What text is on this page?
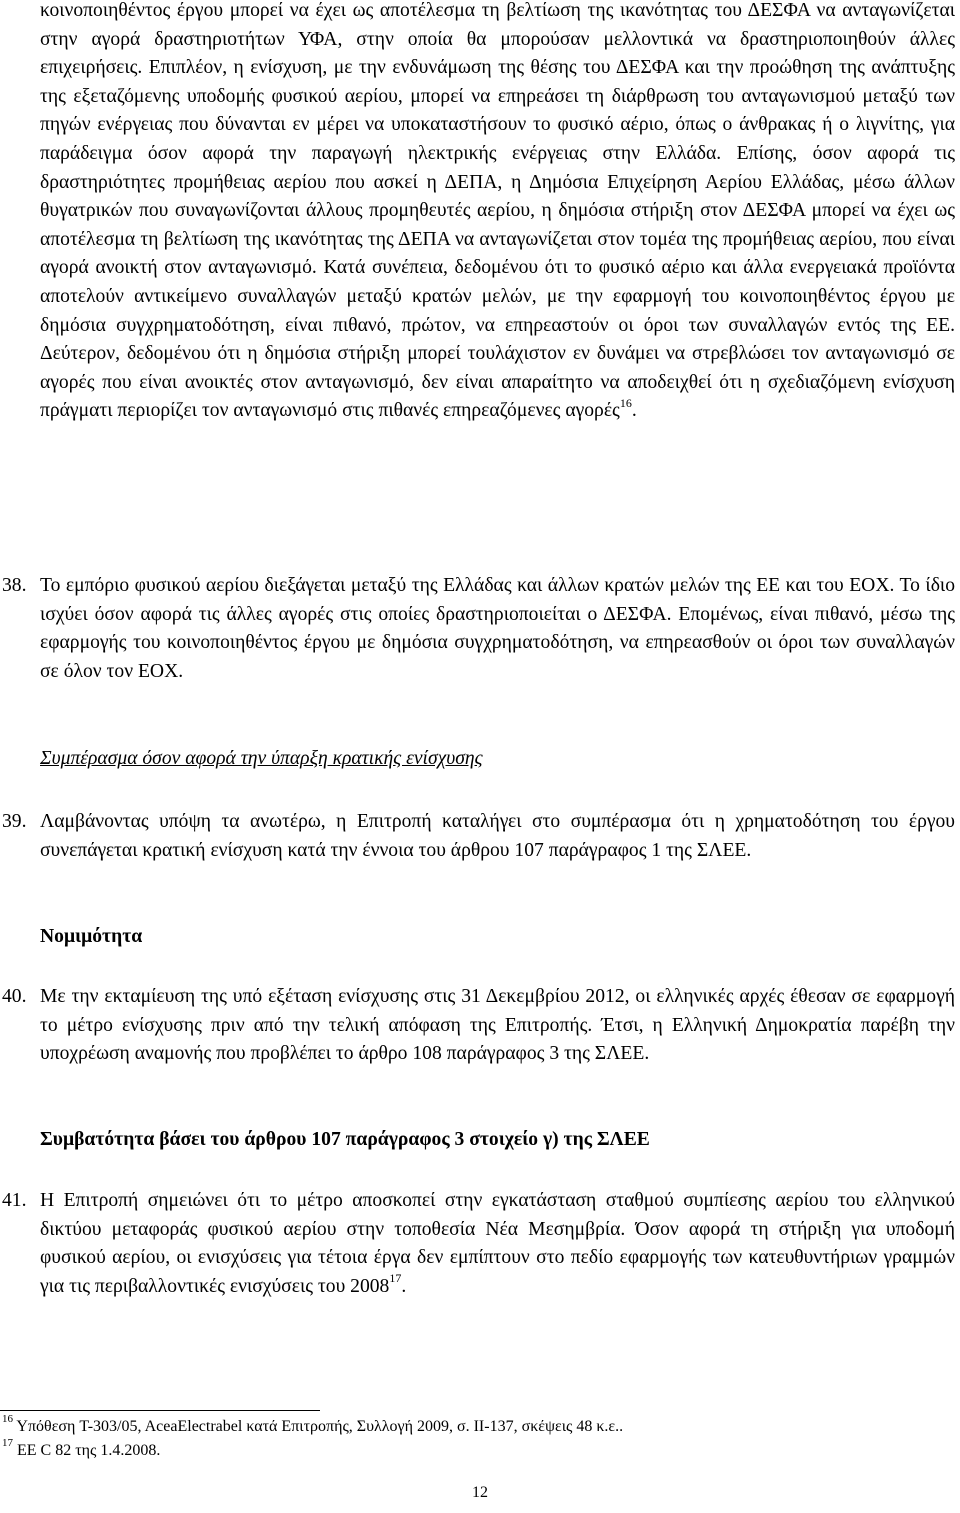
κοινοποιηθέντος έργου μπορεί να έχει ως αποτέλεσμα τη βελτίωση της ικανότητας του ΔΕΣΦΑ να ανταγωνίζεται στην αγορά δραστηριοτήτων ΥΦΑ, στην οποία θα μπορούσαν μελλοντικά να δραστηριοποιηθούν άλλες επιχειρήσεις. Επιπλέον, η ενίσχυση, με την ενδυνάμωση της θέσης του ΔΕΣΦΑ και την προώθηση της ανάπτυξης της εξεταζόμενης υποδομής φυσικού αερίου, μπορεί να επηρεάσει τη διάρθρωση του ανταγωνισμού μεταξύ των πηγών ενέργειας που δύνανται εν μέρει να υποκαταστήσουν το φυσικό αέριο, όπως ο άνθρακας ή ο λιγνίτης, για παράδειγμα όσον αφορά την παραγωγή ηλεκτρικής ενέργειας στην Ελλάδα. Επίσης, όσον αφορά τις δραστηριότητες προμήθειας αερίου που ασκεί η ΔΕΠΑ, η Δημόσια Επιχείρηση Αερίου Ελλάδας, μέσω άλλων θυγατρικών που συναγωνίζονται άλλους προμηθευτές αερίου, η δημόσια στήριξη στον ΔΕΣΦΑ μπορεί να έχει ως αποτέλεσμα τη βελτίωση της ικανότητας της ΔΕΠΑ να ανταγωνίζεται στον τομέα της προμήθειας αερίου, που είναι αγορά ανοικτή στον ανταγωνισμό. Κατά συνέπεια, δεδομένου ότι το φυσικό αέριο και άλλα ενεργειακά προϊόντα αποτελούν αντικείμενο συναλλαγών μεταξύ κρατών μελών, με την εφαρμογή του κοινοποιηθέντος έργου με δημόσια συγχρηματοδότηση, είναι πιθανό, πρώτον, να επηρεαστούν οι όροι των συναλλαγών εντός της ΕΕ. Δεύτερον, δεδομένου ότι η δημόσια στήριξη μπορεί τουλάχιστον εν δυνάμει να στρεβλώσει τον ανταγωνισμό σε αγορές που είναι ανοικτές στον ανταγωνισμό, δεν είναι απαραίτητο να αποδειχθεί ότι η σχεδιαζόμενη ενίσχυση πράγματι περιορίζει τον ανταγωνισμό στις πιθανές επηρεαζόμενες αγορές$^{16}$.
38. Το εμπόριο φυσικού αερίου διεξάγεται μεταξύ της Ελλάδας και άλλων κρατών μελών της ΕΕ και του ΕΟΧ. Το ίδιο ισχύει όσον αφορά τις άλλες αγορές στις οποίες δραστηριοποιείται ο ΔΕΣΦΑ. Επομένως, είναι πιθανό, μέσω της εφαρμογής του κοινοποιηθέντος έργου με δημόσια συγχρηματοδότηση, να επηρεασθούν οι όροι των συναλλαγών σε όλον τον ΕΟΧ.
Συμπέρασμα όσον αφορά την ύπαρξη κρατικής ενίσχυσης
39. Λαμβάνοντας υπόψη τα ανωτέρω, η Επιτροπή καταλήγει στο συμπέρασμα ότι η χρηματοδότηση του έργου συνεπάγεται κρατική ενίσχυση κατά την έννοια του άρθρου 107 παράγραφος 1 της ΣΛΕΕ.
Νομιμότητα
40. Με την εκταμίευση της υπό εξέταση ενίσχυσης στις 31 Δεκεμβρίου 2012, οι ελληνικές αρχές έθεσαν σε εφαρμογή το μέτρο ενίσχυσης πριν από την τελική απόφαση της Επιτροπής. Έτσι, η Ελληνική Δημοκρατία παρέβη την υποχρέωση αναμονής που προβλέπει το άρθρο 108 παράγραφος 3 της ΣΛΕΕ.
Συμβατότητα βάσει του άρθρου 107 παράγραφος 3 στοιχείο γ) της ΣΛΕΕ
41. Η Επιτροπή σημειώνει ότι το μέτρο αποσκοπεί στην εγκατάσταση σταθμού συμπίεσης αερίου του ελληνικού δικτύου μεταφοράς φυσικού αερίου στην τοποθεσία Νέα Μεσημβρία. Όσον αφορά τη στήριξη για υποδομή φυσικού αερίου, οι ενισχύσεις για τέτοια έργα δεν εμπίπτουν στο πεδίο εφαρμογής των κατευθυντήριων γραμμών για τις περιβαλλοντικές ενισχύσεις του 2008$^{17}$.
$^{16}$ Υπόθεση T-303/05, AceaElectrabel κατά Επιτροπής, Συλλογή 2009, σ. II-137, σκέψεις 48 κ.ε..
$^{17}$ ΕΕ C 82 της 1.4.2008.
12
